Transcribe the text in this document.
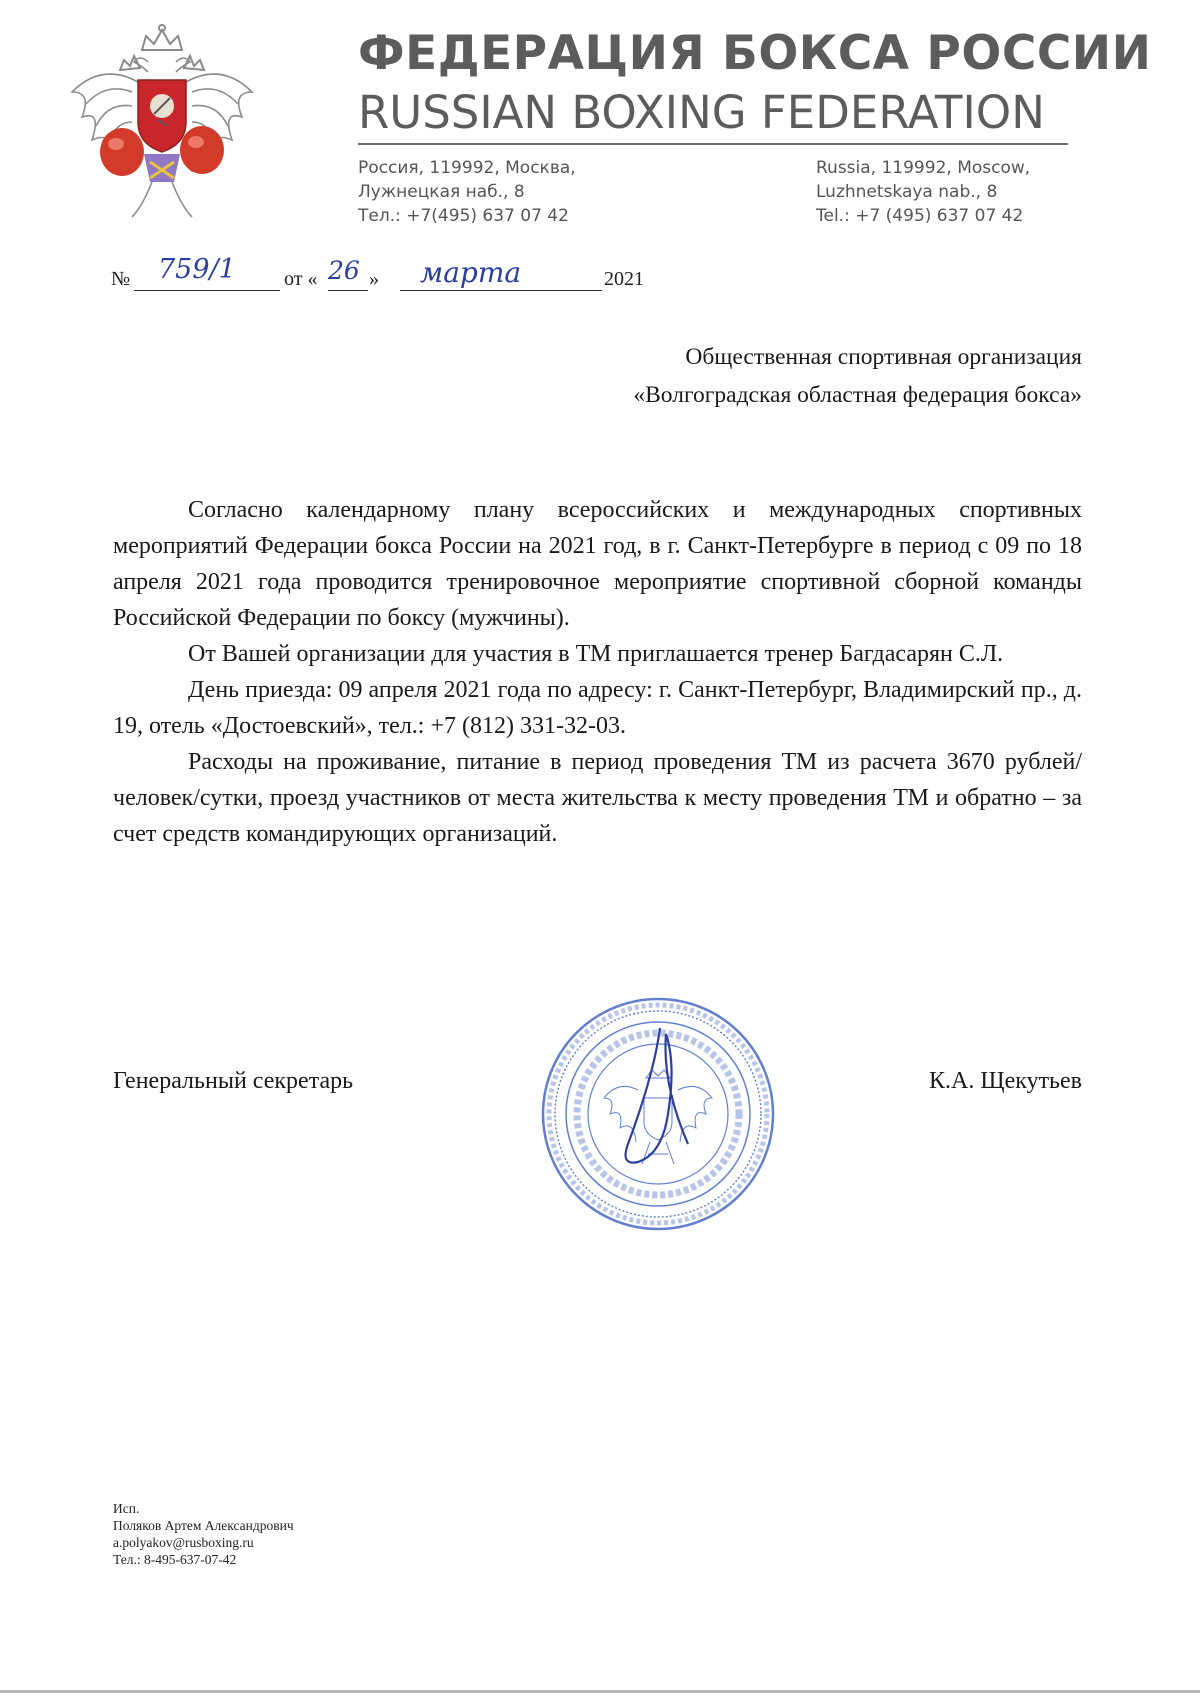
ФЕДЕРАЦИЯ БОКСА РОССИИ
RUSSIAN BOXING FEDERATION
Россия, 119992, Москва,
Лужнецкая наб., 8
Тел.: +7(495) 637 07 42
Russia, 119992, Moscow,
Luzhnetskaya nab., 8
Tel.: +7 (495) 637 07 42
№ 759/1 от « 26 » марта	2021
Общественная спортивная организация
«Волгоградская областная федерация бокса»

Согласно календарному плану всероссийских и международных спортивных мероприятий Федерации бокса России на 2021 год, в г. Санкт-Петербурге в период с 09 по 18 апреля 2021 года проводится тренировочное мероприятие спортивной сборной команды Российской Федерации по боксу (мужчины).

От Вашей организации для участия в ТМ приглашается тренер Багдасарян С.Л.

День приезда: 09 апреля 2021 года по адресу: г. Санкт-Петербург, Владимирский пр., д. 19, отель «Достоевский», тел.: +7 (812) 331-32-03.

Расходы на проживание, питание в период проведения ТМ из расчета 3670 рублей/человек/сутки, проезд участников от места жительства к месту проведения ТМ и обратно – за счет средств командирующих организаций.

Генеральный секретарь	К.А. Щекутьев
Исп.
Поляков Артем Александрович
a.polyakov@rusboxing.ru
Тел.: 8-495-637-07-42
